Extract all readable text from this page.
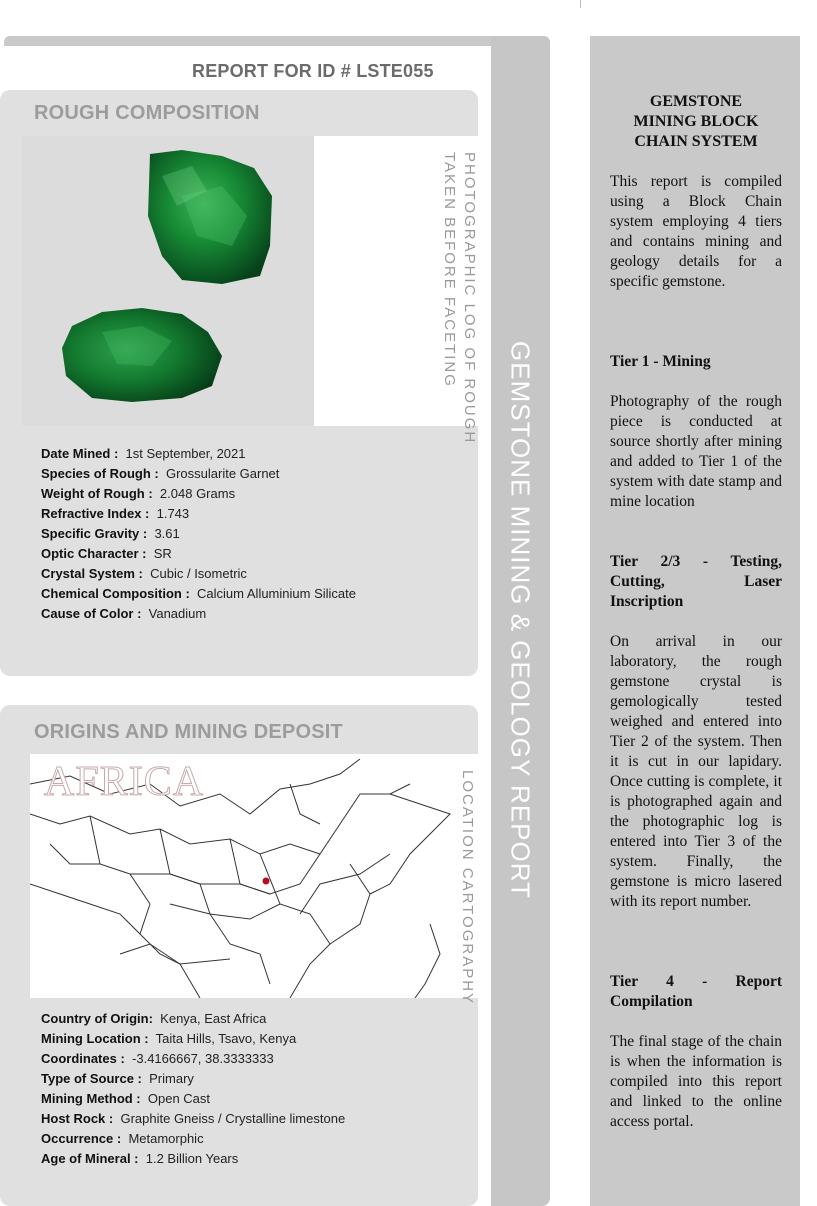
REPORT FOR ID # LSTE055
GEMSTONE MINING & GEOLOGY REPORT
ROUGH COMPOSITION
PHOTOGRAPHIC LOG OF ROUGH
TAKEN BEFORE FACETING
Date Mined : 1st September, 2021
Species of Rough : Grossularite Garnet
Weight of Rough : 2.048 Grams
Refractive Index : 1.743
Specific Gravity : 3.61
Optic Character : SR
Crystal System : Cubic / Isometric
Chemical Composition : Calcium Alluminium Silicate
Cause of Color : Vanadium
ORIGINS AND MINING DEPOSIT
AFRICA	LOCATION CARTOGRAPHY
Country of Origin: Kenya, East Africa
Mining Location : Taita Hills, Tsavo, Kenya
Coordinates : -3.4166667, 38.3333333
Type of Source : Primary
Mining Method : Open Cast
Host Rock : Graphite Gneiss / Crystalline limestone
Occurrence : Metamorphic
Age of Mineral : 1.2 Billion Years
GEMSTONE
MINING BLOCK
CHAIN SYSTEM
This report is compiled using a Block Chain system employing 4 tiers and contains mining and geology details for a specific gemstone.
Tier 1 - Mining
Photography of the rough piece is conducted at source shortly after mining and added to Tier 1 of the system with date stamp and mine location
Tier 2/3 - Testing, Cutting, Laser Inscription
On arrival in our laboratory, the rough gemstone crystal is gemologically tested weighed and entered into Tier 2 of the system. Then it is cut in our lapidary. Once cutting is complete, it is photographed again and the photographic log is entered into Tier 3 of the system. Finally, the gemstone is micro lasered with its report number.
Tier 4 - Report Compilation
The final stage of the chain is when the information is compiled into this report and linked to the online access portal.
